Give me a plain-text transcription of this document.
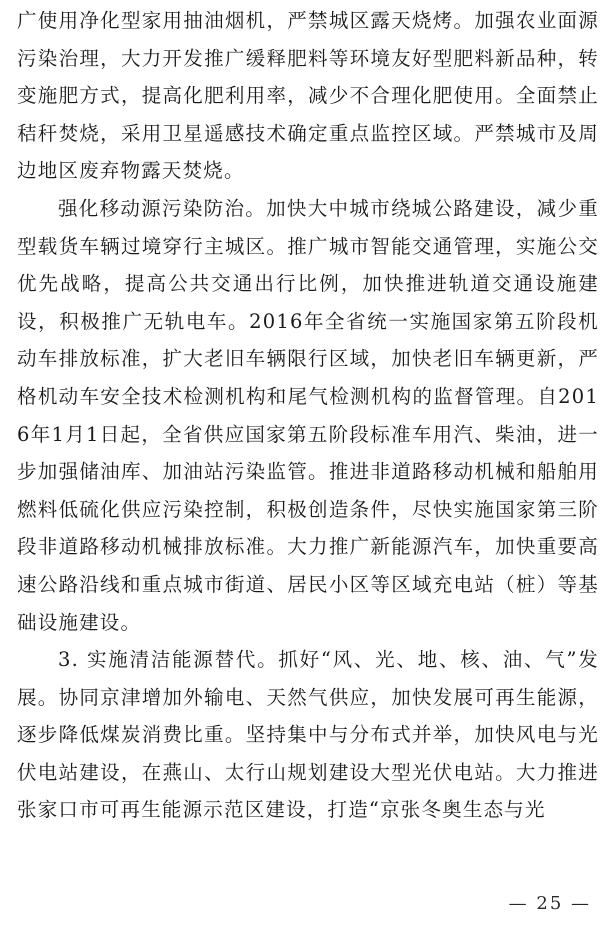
广使用净化型家用抽油烟机，严禁城区露天烧烤。加强农业面源污染治理，大力开发推广缓释肥料等环境友好型肥料新品种，转变施肥方式，提高化肥利用率，减少不合理化肥使用。全面禁止秸秆焚烧，采用卫星遥感技术确定重点监控区域。严禁城市及周边地区废弃物露天焚烧。

强化移动源污染防治。加快大中城市绕城公路建设，减少重型载货车辆过境穿行主城区。推广城市智能交通管理，实施公交优先战略，提高公共交通出行比例，加快推进轨道交通设施建设，积极推广无轨电车。2016年全省统一实施国家第五阶段机动车排放标准，扩大老旧车辆限行区域，加快老旧车辆更新，严格机动车安全技术检测机构和尾气检测机构的监督管理。自2016年1月1日起，全省供应国家第五阶段标准车用汽、柴油，进一步加强储油库、加油站污染监管。推进非道路移动机械和船舶用燃料低硫化供应污染控制，积极创造条件，尽快实施国家第三阶段非道路移动机械排放标准。大力推广新能源汽车，加快重要高速公路沿线和重点城市街道、居民小区等区域充电站（桩）等基础设施建设。

3. 实施清洁能源替代。抓好“风、光、地、核、油、气”发展。协同京津增加外输电、天然气供应，加快发展可再生能源，逐步降低煤炭消费比重。坚持集中与分布式并举，加快风电与光伏电站建设，在燕山、太行山规划建设大型光伏电站。大力推进张家口市可再生能源示范区建设，打造“京张冬奥生态与光

— 25 —
